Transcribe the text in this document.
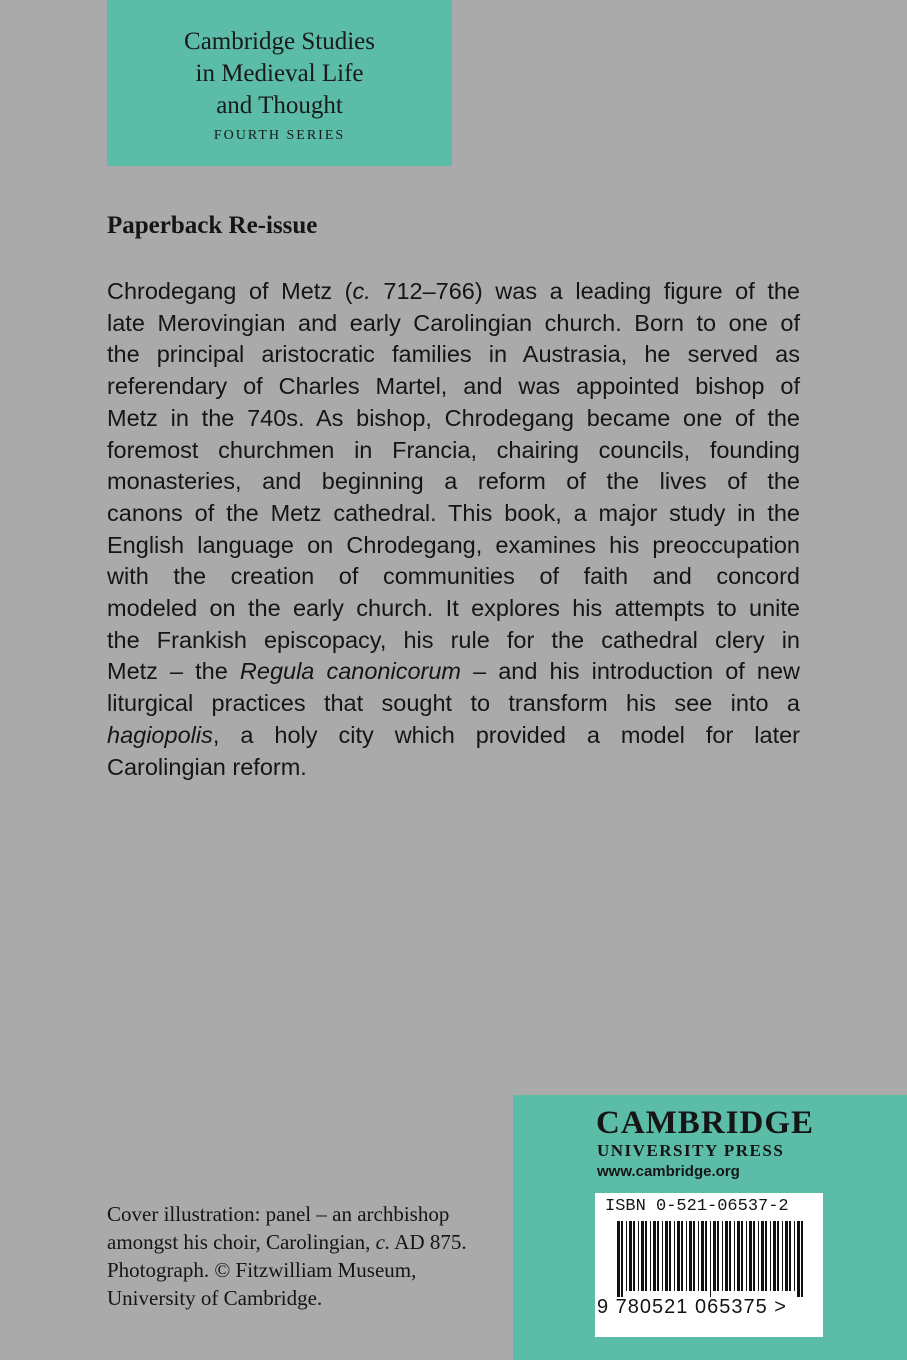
Cambridge Studies
in Medieval Life
and Thought
FOURTH SERIES
Paperback Re-issue
Chrodegang of Metz (c. 712–766) was a leading figure of the
late Merovingian and early Carolingian church. Born to one of
the principal aristocratic families in Austrasia, he served as
referendary of Charles Martel, and was appointed bishop of
Metz in the 740s. As bishop, Chrodegang became one of the
foremost churchmen in Francia, chairing councils, founding
monasteries, and beginning a reform of the lives of the
canons of the Metz cathedral. This book, a major study in the
English language on Chrodegang, examines his preoccupation
with the creation of communities of faith and concord
modeled on the early church. It explores his attempts to unite
the Frankish episcopacy, his rule for the cathedral clery in
Metz – the Regula canonicorum – and his introduction of new
liturgical practices that sought to transform his see into a
hagiopolis, a holy city which provided a model for later
Carolingian reform.
Cover illustration: panel – an archbishop
amongst his choir, Carolingian, c. AD 875.
Photograph. © Fitzwilliam Museum,
University of Cambridge.
CAMBRIDGE
UNIVERSITY PRESS
www.cambridge.org
ISBN 0-521-06537-2
9 780521 065375 >
